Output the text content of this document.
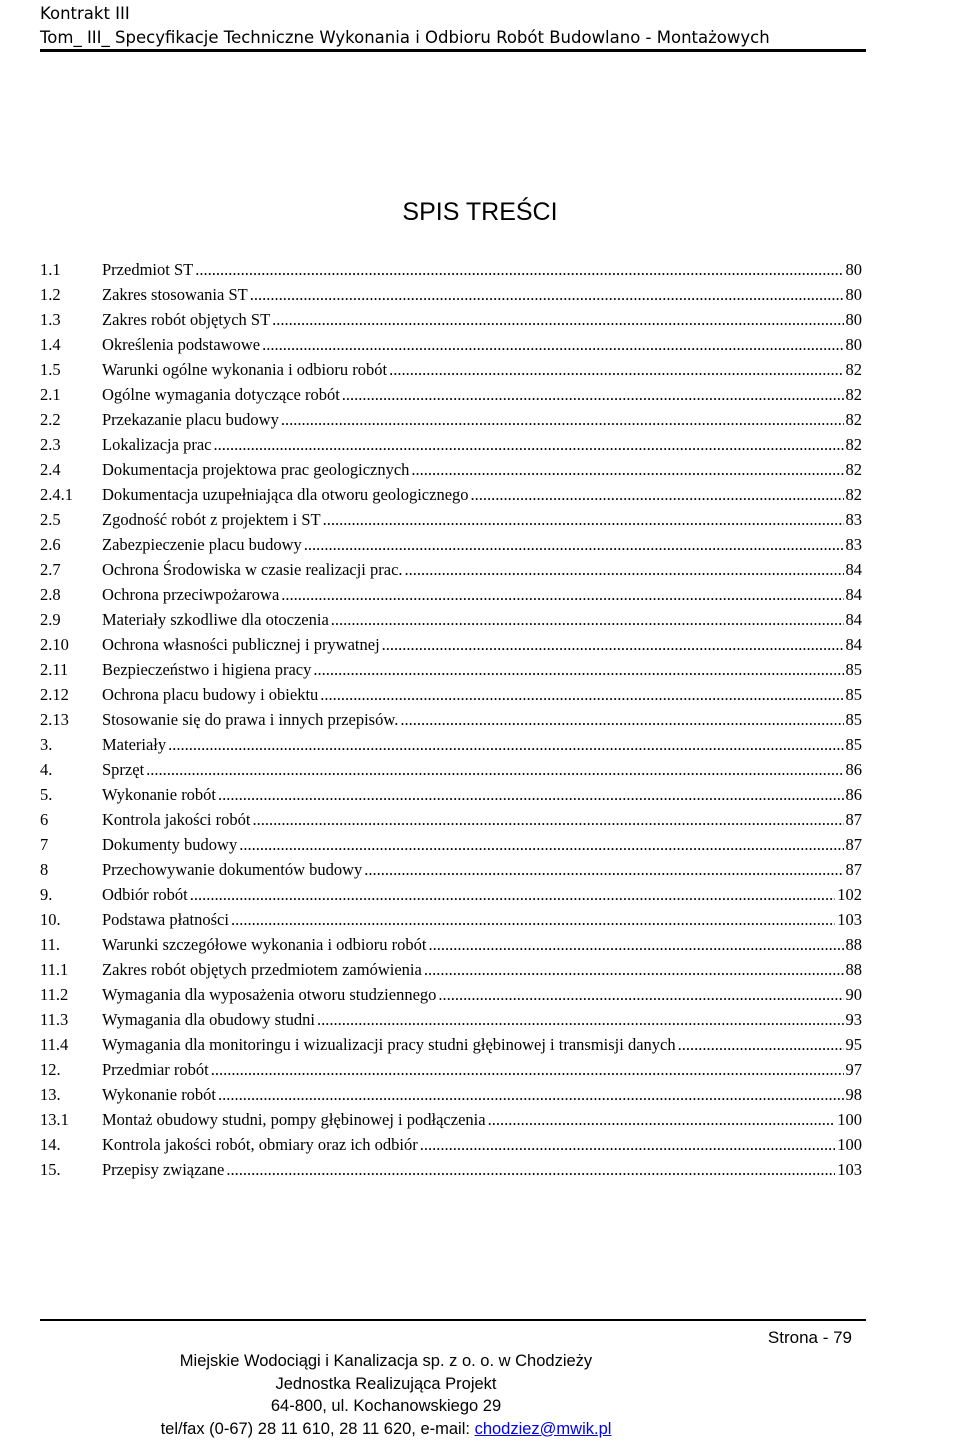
Kontrakt III
Tom_ III_ Specyfikacje Techniczne Wykonania i Odbioru Robót Budowlano - Montażowych
SPIS TREŚCI
1.1	Przedmiot ST .....	80
1.2	Zakres stosowania ST .....	80
1.3	Zakres robót objętych ST .....	80
1.4	Określenia podstawowe .....	80
1.5	Warunki ogólne wykonania i odbioru robót .....	82
2.1	Ogólne wymagania dotyczące robót .....	82
2.2	Przekazanie placu budowy .....	82
2.3	Lokalizacja prac .....	82
2.4	Dokumentacja projektowa prac geologicznych .....	82
2.4.1	Dokumentacja uzupełniająca dla otworu geologicznego .....	82
2.5	Zgodność robót z projektem i ST .....	83
2.6	Zabezpieczenie placu budowy .....	83
2.7	Ochrona Środowiska w czasie realizacji prac. .....	84
2.8	Ochrona przeciwpożarowa .....	84
2.9	Materiały szkodliwe dla otoczenia .....	84
2.10	Ochrona własności publicznej i prywatnej .....	84
2.11	Bezpieczeństwo i higiena pracy .....	85
2.12	Ochrona placu budowy i obiektu .....	85
2.13	Stosowanie się do prawa i innych przepisów. .....	85
3.	Materiały .....	85
4.	Sprzęt .....	86
5.	Wykonanie robót .....	86
6	Kontrola jakości robót .....	87
7	Dokumenty budowy .....	87
8	Przechowywanie dokumentów budowy .....	87
9.	Odbiór robót .....	102
10.	Podstawa płatności .....	103
11.	Warunki szczegółowe wykonania i odbioru robót .....	88
11.1	Zakres robót objętych przedmiotem zamówienia .....	88
11.2	Wymagania dla wyposażenia otworu studziennego .....	90
11.3	Wymagania dla obudowy studni .....	93
11.4	Wymagania dla monitoringu i wizualizacji pracy studni głębinowej i transmisji danych .....	95
12.	Przedmiar robót .....	97
13.	Wykonanie robót .....	98
13.1	Montaż obudowy studni, pompy głębinowej i podłączenia .....	100
14.	Kontrola jakości robót, obmiary oraz ich odbiór .....	100
15.	Przepisy związane .....	103
Strona - 79
Miejskie Wodociągi i Kanalizacja sp. z o. o. w Chodzieży
Jednostka Realizująca Projekt
64-800, ul. Kochanowskiego 29
tel/fax (0-67) 28 11 610, 28 11 620, e-mail: chodziez@mwik.pl
